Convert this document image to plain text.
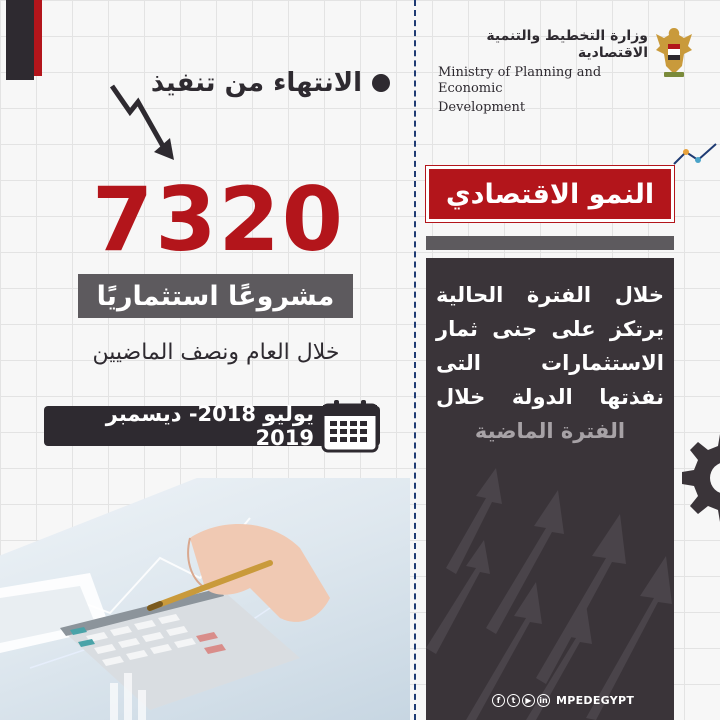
الانتهاء من تنفيذ
7320
مشروعًا استثماريًا
خلال العام ونصف الماضيين
يوليو 2018- ديسمبر 2019
وزارة التخطيط والتنمية الاقتصادية
Ministry of Planning and Economic
Development
النمو الاقتصادي
خلال الفترة الحالية
يرتكز على جنى ثمار
الاستثمارات التى
نفذتها الدولة خلال
الفترة الماضية
f	t	▶ in MPEDEGYPT
